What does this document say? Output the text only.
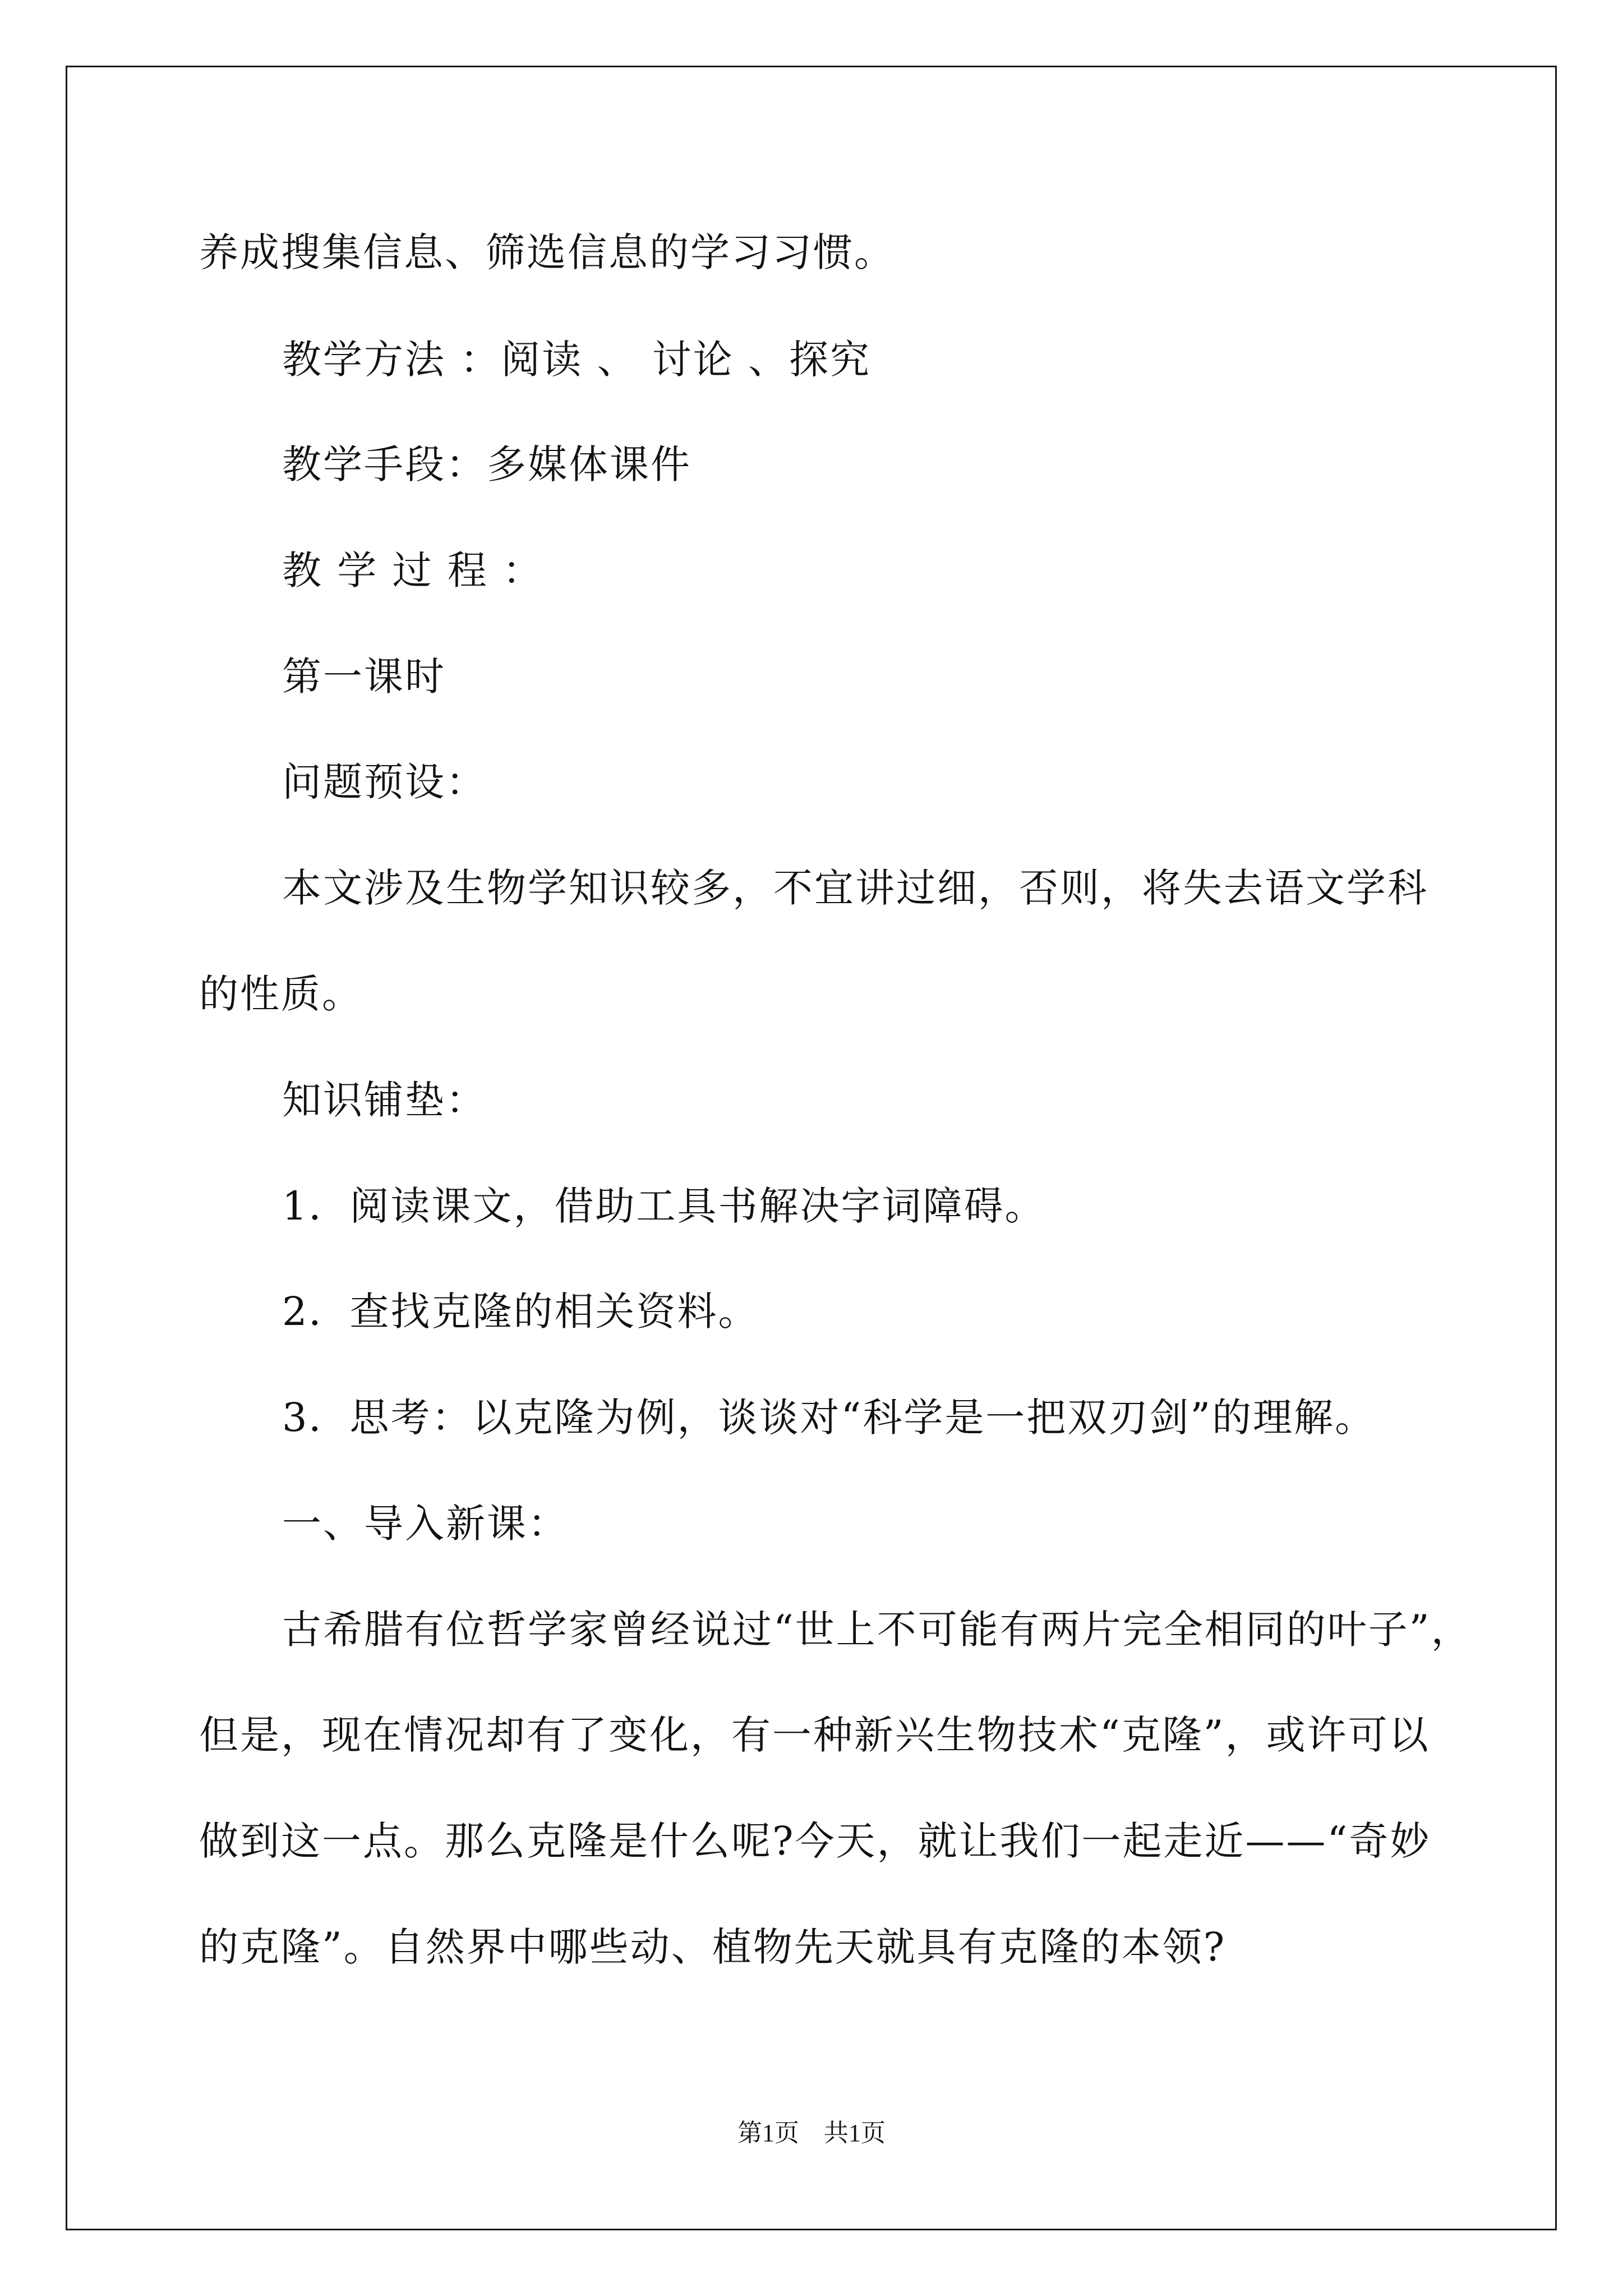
养成搜集信息、筛选信息的学习习惯。
教学方法 ：阅读 、 讨论 、探究
教学手段：多媒体课件
教 学 过 程 ：
第一课时
问题预设：
本文涉及生物学知识较多，不宜讲过细，否则，将失去语文学科
的性质。
知识铺垫：
1．阅读课文，借助工具书解决字词障碍。
2．查找克隆的相关资料。
3．思考：以克隆为例，谈谈对“科学是一把双刃剑”的理解。
一、导入新课：
古希腊有位哲学家曾经说过“世上不可能有两片完全相同的叶子”，
但是，现在情况却有了变化，有一种新兴生物技术“克隆”，或许可以
做到这一点。那么克隆是什么呢?今天，就让我们一起走近——“奇妙
的克隆”。自然界中哪些动、植物先天就具有克隆的本领?
第1页　共1页
